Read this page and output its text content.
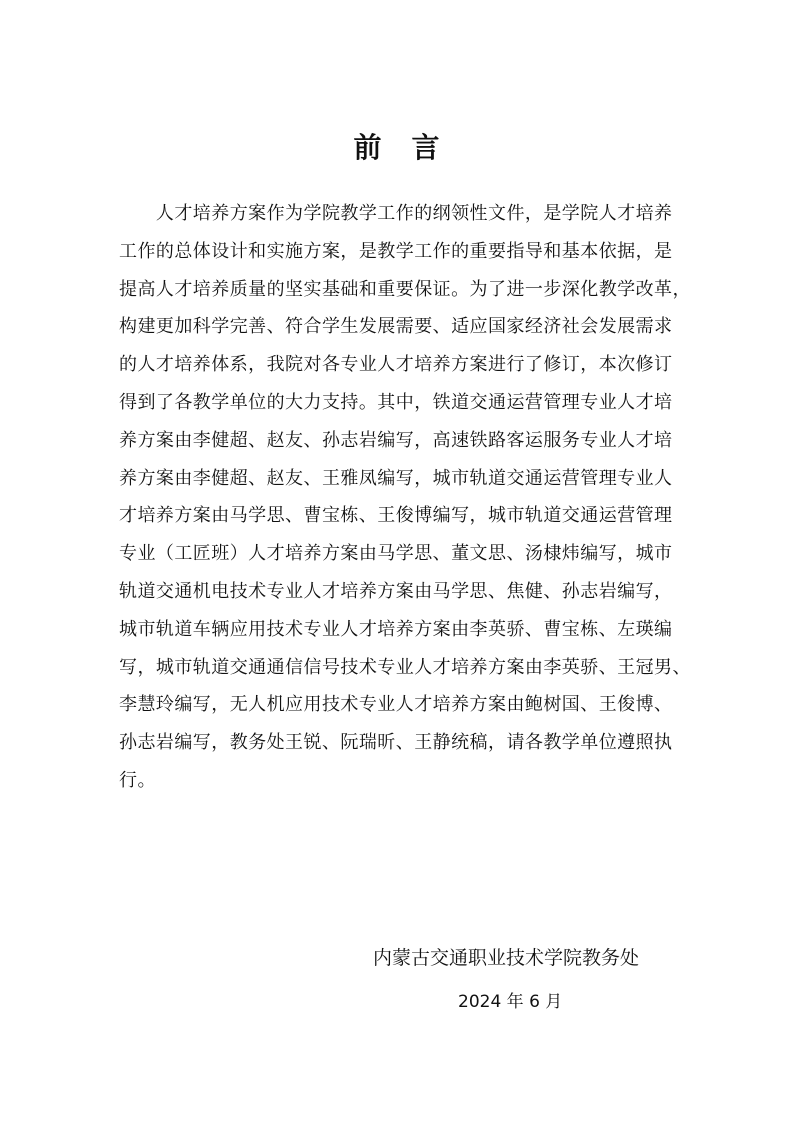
前言
　　人才培养方案作为学院教学工作的纲领性文件，是学院人才培养
工作的总体设计和实施方案，是教学工作的重要指导和基本依据，是
提高人才培养质量的坚实基础和重要保证。为了进一步深化教学改革，
构建更加科学完善、符合学生发展需要、适应国家经济社会发展需求
的人才培养体系，我院对各专业人才培养方案进行了修订，本次修订
得到了各教学单位的大力支持。其中，铁道交通运营管理专业人才培
养方案由李健超、赵友、孙志岩编写，高速铁路客运服务专业人才培
养方案由李健超、赵友、王雅凤编写，城市轨道交通运营管理专业人
才培养方案由马学思、曹宝栋、王俊博编写，城市轨道交通运营管理
专业（工匠班）人才培养方案由马学思、董文思、汤棣炜编写，城市
轨道交通机电技术专业人才培养方案由马学思、焦健、孙志岩编写，
城市轨道车辆应用技术专业人才培养方案由李英骄、曹宝栋、左瑛编
写，城市轨道交通通信信号技术专业人才培养方案由李英骄、王冠男、
李慧玲编写，无人机应用技术专业人才培养方案由鲍树国、王俊博、
孙志岩编写，教务处王锐、阮瑞昕、王静统稿，请各教学单位遵照执
行。
内蒙古交通职业技术学院教务处
2024 年 6 月
